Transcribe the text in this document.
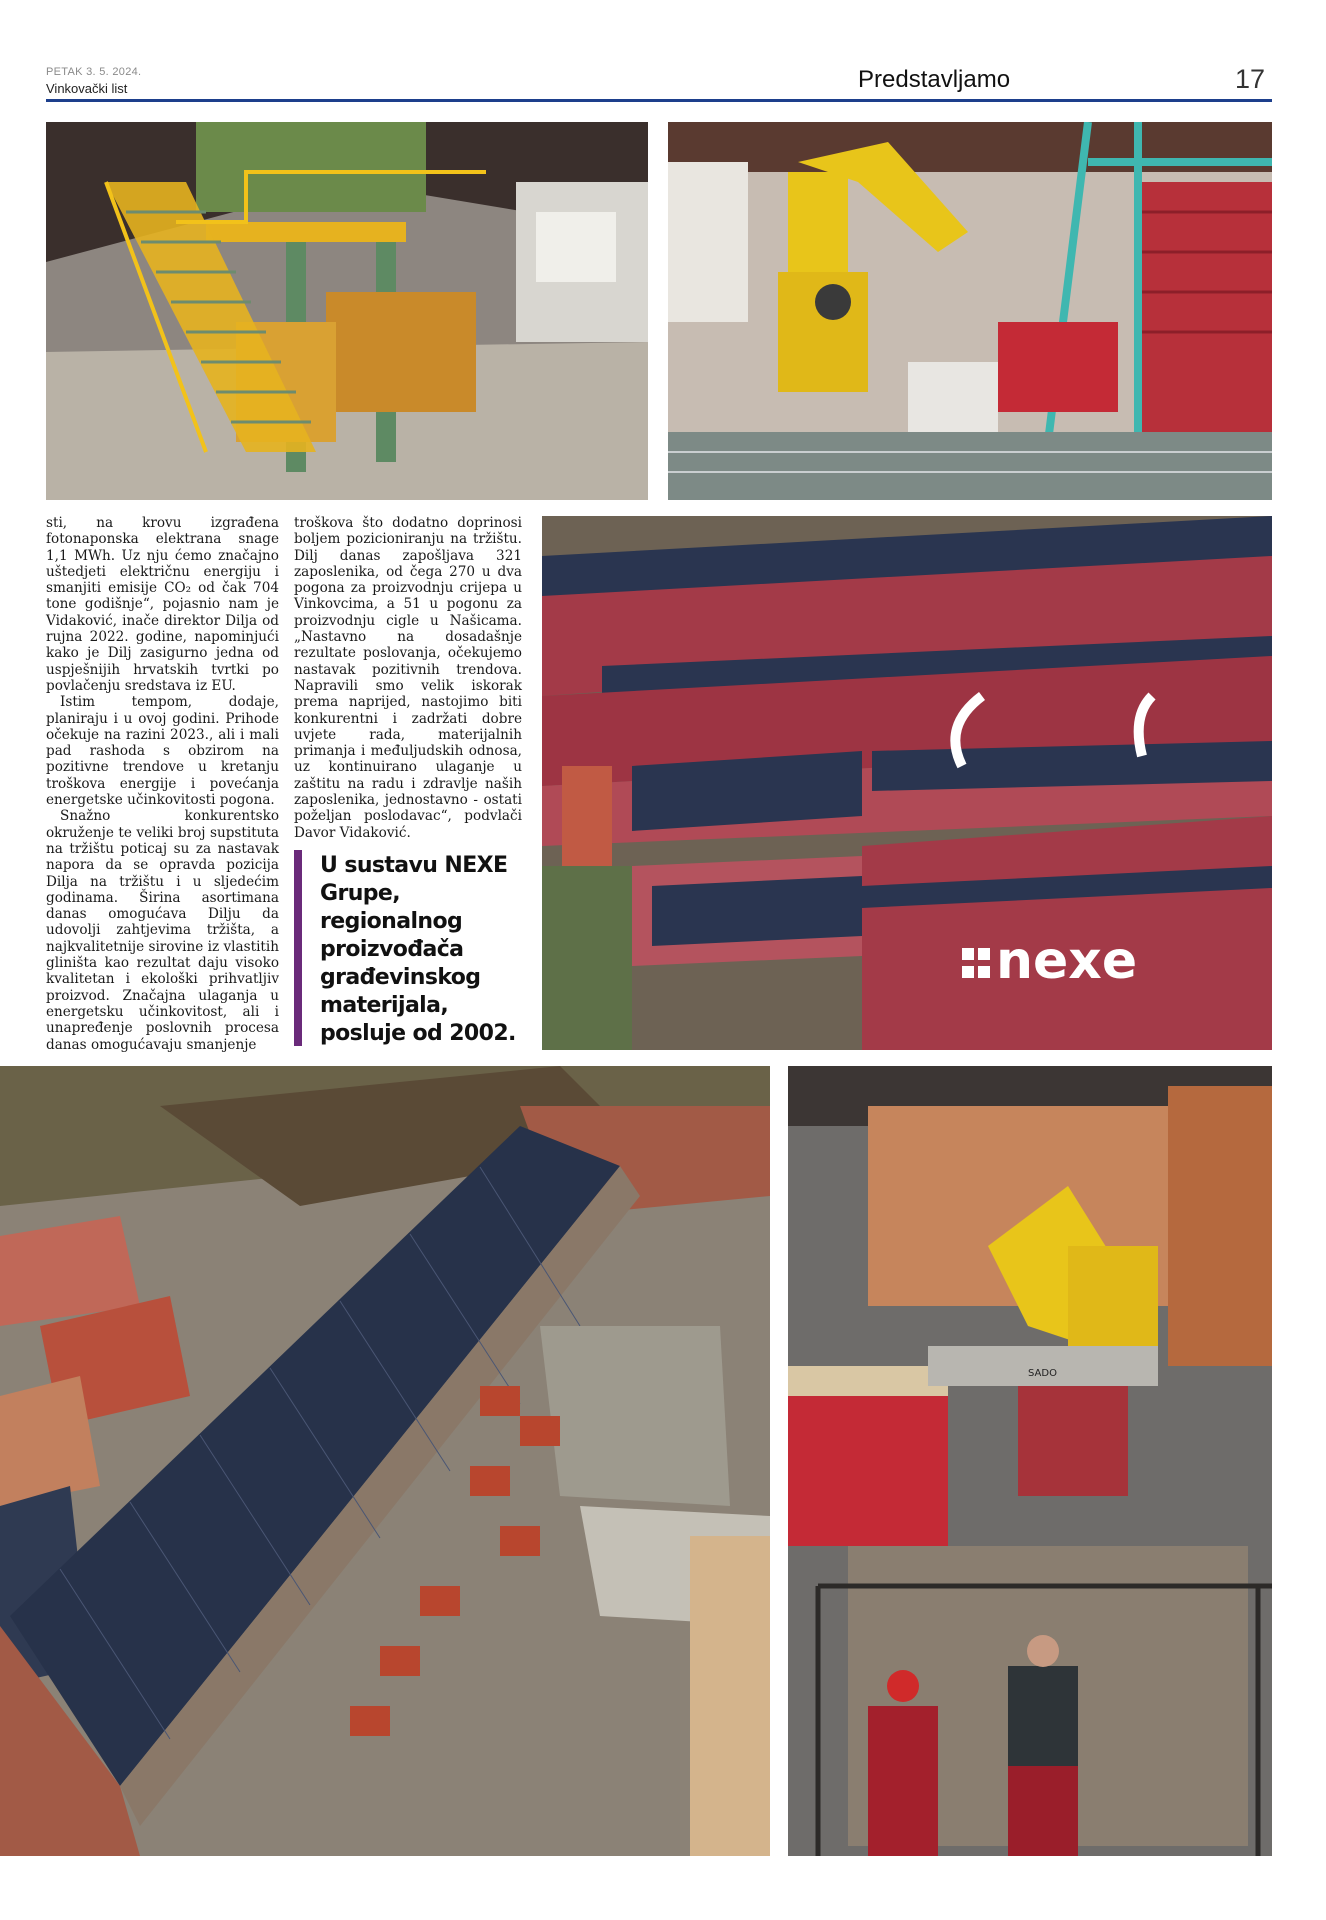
PETAK 3. 5. 2024.
Vinkovački list	Predstavljamo	17

sti, na krovu izgrađena fotonaponska elektrana snage 1,1 MWh. Uz nju ćemo značajno uštedjeti električnu energiju i smanjiti emisije CO₂ od čak 704 tone godišnje“, pojasnio nam je Vidaković, inače direktor Dilja od rujna 2022. godine, napominjući kako je Dilj zasigurno jedna od uspješnijih hrvatskih tvrtki po povlačenju sredstava iz EU.

Istim tempom, dodaje, planiraju i u ovoj godini. Prihode očekuje na razini 2023., ali i mali pad rashoda s obzirom na pozitivne trendove u kretanju troškova energije i povećanja energetske učinkovitosti pogona.

Snažno konkurentsko okruženje te veliki broj supstituta na tržištu poticaj su za nastavak napora da se opravda pozicija Dilja na tržištu i u sljedećim godinama. Širina asortimana danas omogućava Dilju da udovolji zahtjevima tržišta, a najkvalitetnije sirovine iz vlastitih gliništa kao rezultat daju visoko kvalitetan i ekološki prihvatljiv proizvod. Značajna ulaganja u energetsku učinkovitost, ali i unapređenje poslovnih procesa danas omogućavaju smanjenje

troškova što dodatno doprinosi boljem pozicioniranju na tržištu. Dilj danas zapošljava 321 zaposlenika, od čega 270 u dva pogona za proizvodnju crijepa u Vinkovcima, a 51 u pogonu za proizvodnju cigle u Našicama. „Nastavno na dosadašnje rezultate poslovanja, očekujemo nastavak pozitivnih trendova. Napravili smo velik iskorak prema naprijed, nastojimo biti konkurentni i zadržati dobre uvjete rada, materijalnih primanja i međuljudskih odnosa, uz kontinuirano ulaganje u zaštitu na radu i zdravlje naših zaposlenika, jednostavno - ostati poželjan poslodavac“, podvlači Davor Vidaković.

U sustavu NEXE Grupe, regionalnog proizvođača građevinskog materijala, posluje od 2002.
nexe
SADO
